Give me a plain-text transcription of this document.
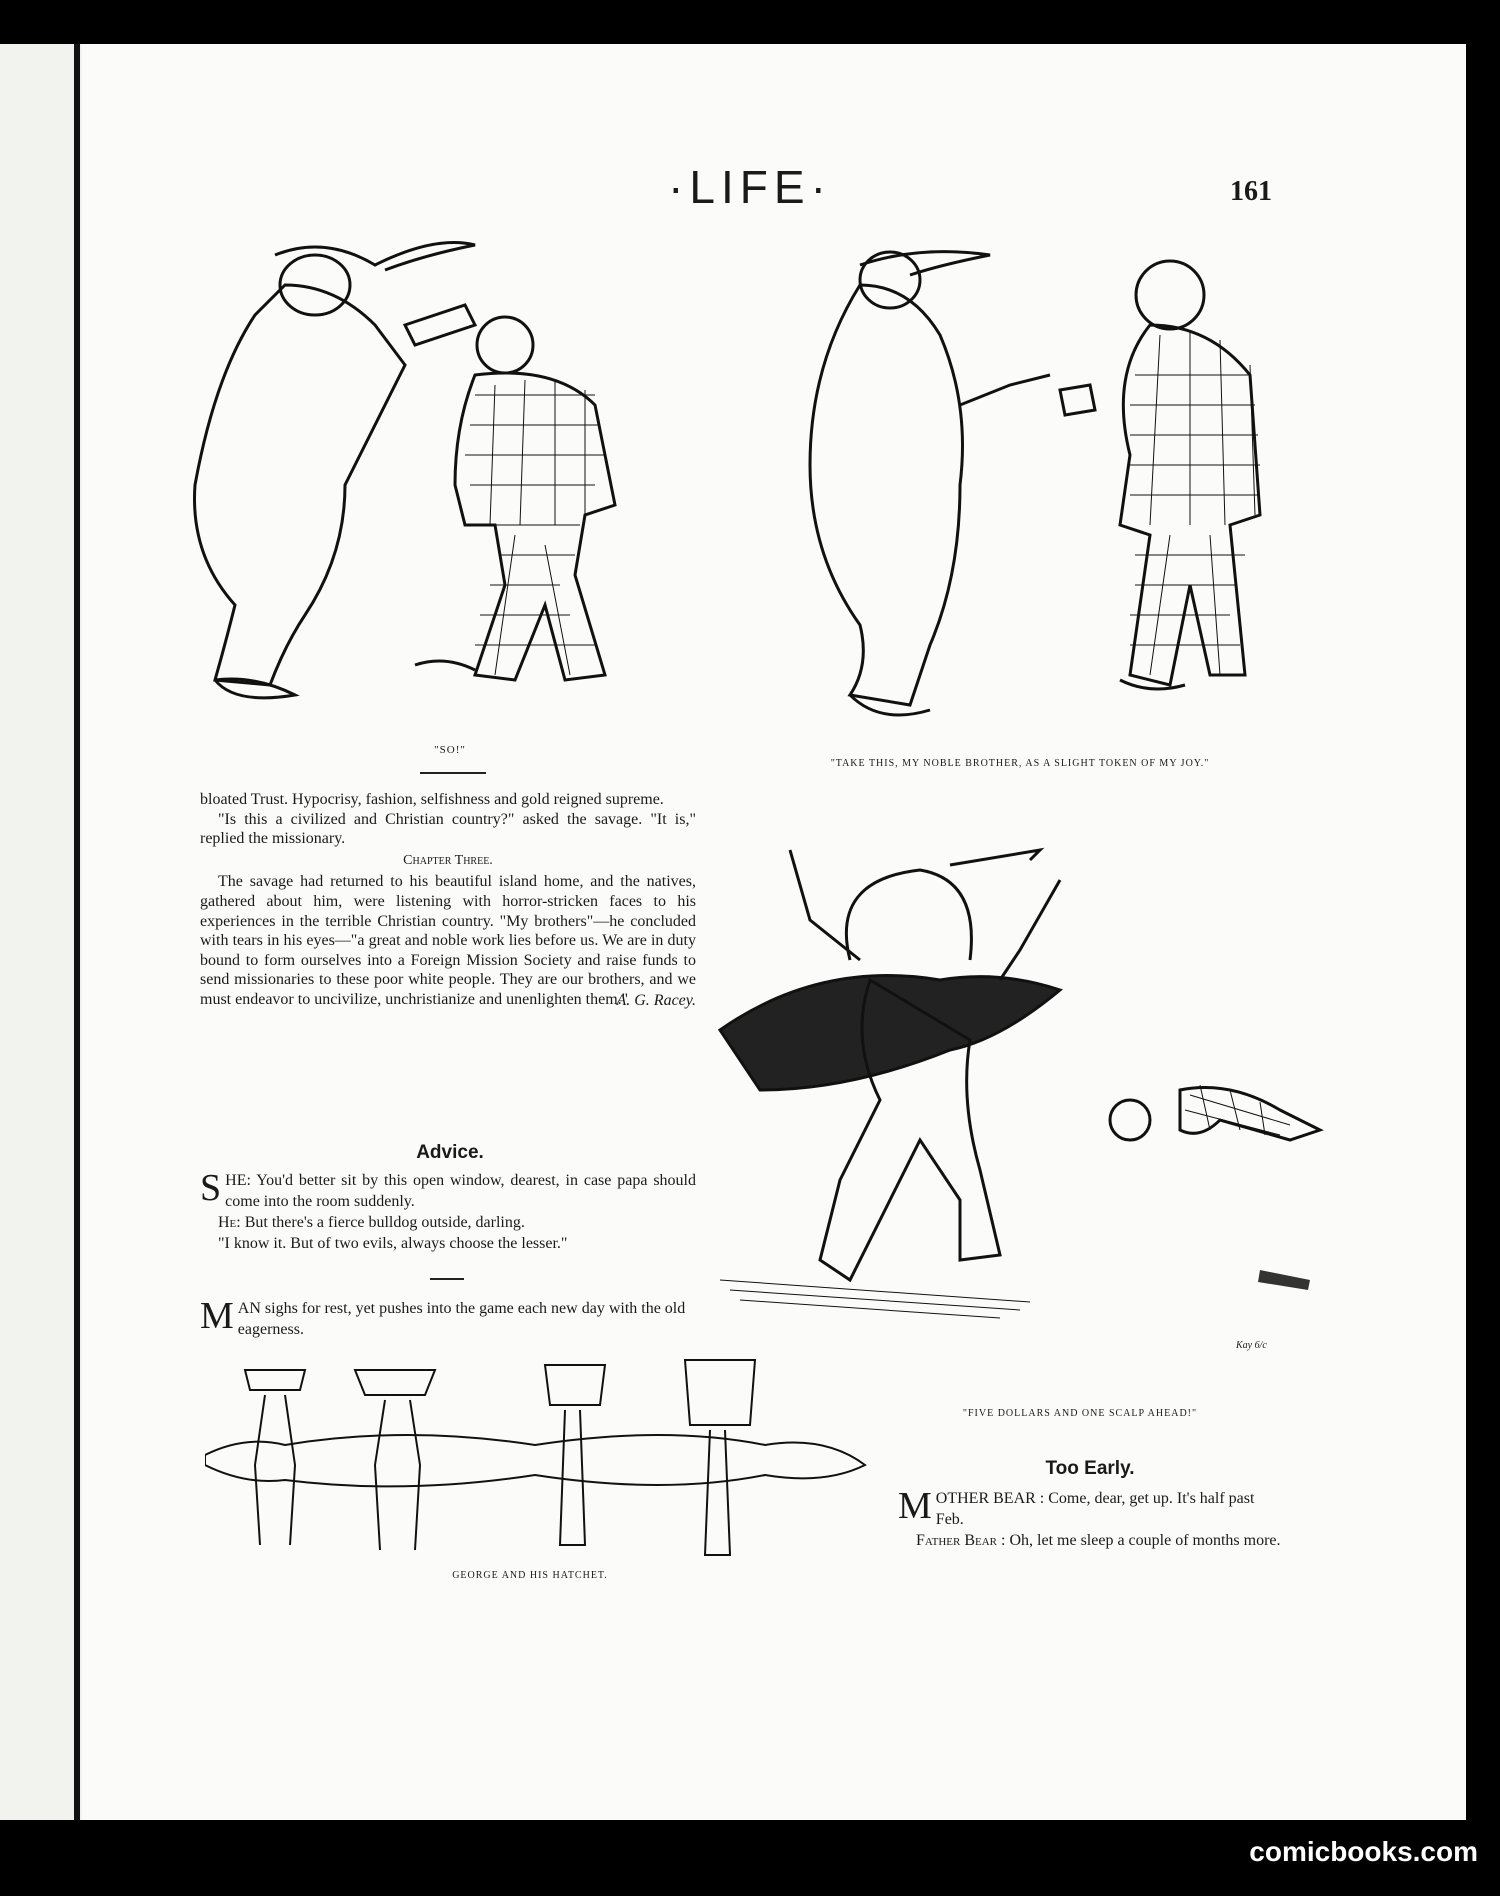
·LIFE·	161
"SO!"
"TAKE THIS, MY NOBLE BROTHER, AS A SLIGHT TOKEN OF MY JOY."

bloated Trust. Hypocrisy, fashion, selfishness and gold reigned supreme.

"Is this a civilized and Christian country?" asked the savage. "It is," replied the missionary.

Chapter Three.

The savage had returned to his beautiful island home, and the natives, gathered about him, were listening with horror-stricken faces to his experiences in the terrible Christian country. "My brothers"—he concluded with tears in his eyes—"a great and noble work lies before us. We are in duty bound to form ourselves into a Foreign Mission Society and raise funds to send missionaries to these poor white people. They are our brothers, and we must endeavor to uncivilize, unchristianize and unenlighten them."

A. G. Racey.
Advice.

SHE: You'd better sit by this open window, dearest, in case papa should come into the room suddenly.

He: But there's a fierce bulldog outside, darling.

"I know it. But of two evils, always choose the lesser."

MAN sighs for rest, yet pushes into the game each new day with the old eagerness.
Kay 6/c
"FIVE DOLLARS AND ONE SCALP AHEAD!"
GEORGE AND HIS HATCHET.
Too Early.
MOTHER BEAR : Come, dear, get up. It's half past Feb.
Father Bear : Oh, let me sleep a couple of months more.
comicbooks.com
